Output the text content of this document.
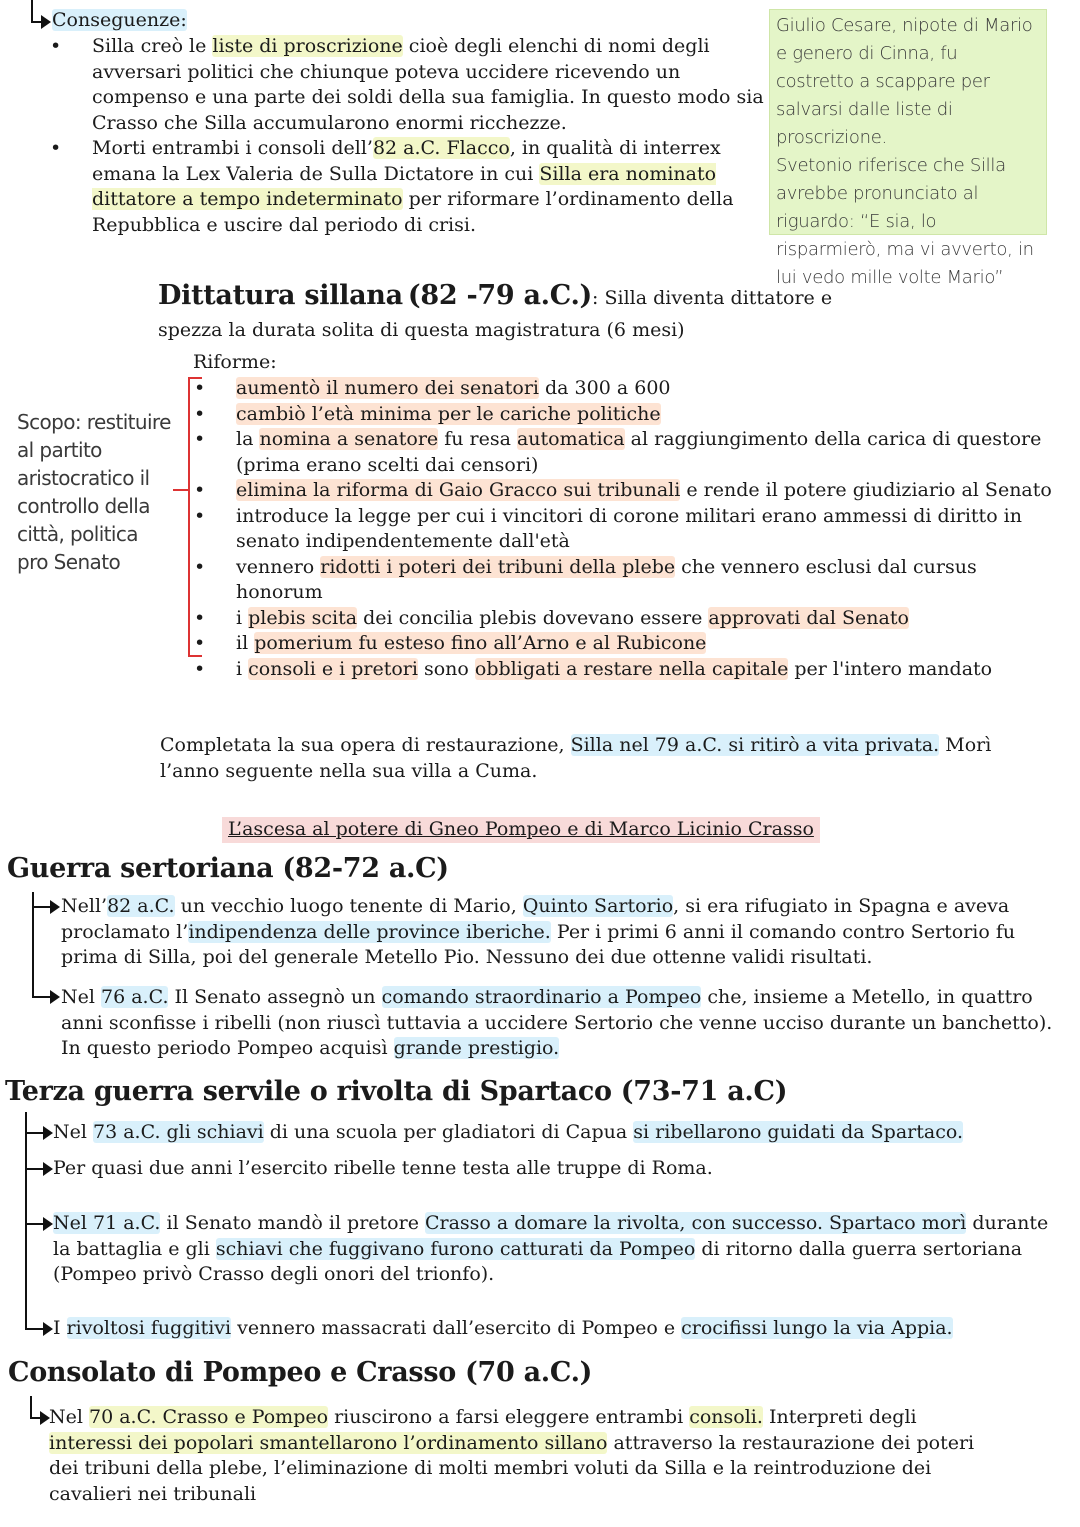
Conseguenze:
• Silla creò le liste di proscrizione cioè degli elenchi di nomi degli avversari politici che chiunque poteva uccidere ricevendo un compenso e una parte dei soldi della sua famiglia. In questo modo sia Crasso che Silla accumularono enormi ricchezze.
• Morti entrambi i consoli dell’82 a.C. Flacco, in qualità di interrex emana la Lex Valeria de Sulla Dictatore in cui Silla era nominato dittatore a tempo indeterminato per riformare l’ordinamento della Repubblica e uscire dal periodo di crisi.
Giulio Cesare, nipote di Mario e genero di Cinna, fu costretto a scappare per salvarsi dalle liste di proscrizione.
Svetonio riferisce che Silla avrebbe pronunciato al riguardo: “E sia, lo risparmierò, ma vi avverto, in lui vedo mille volte Mario”
Dittatura sillana (82 -79 a.C.): Silla diventa dittatore e spezza la durata solita di questa magistratura (6 mesi)
Riforme:
Scopo: restituire al partito aristocratico il controllo della città, politica pro Senato
• aumentò il numero dei senatori da 300 a 600
• cambiò l’età minima per le cariche politiche
• la nomina a senatore fu resa automatica al raggiungimento della carica di questore (prima erano scelti dai censori)
• elimina la riforma di Gaio Gracco sui tribunali e rende il potere giudiziario al Senato
• introduce la legge per cui i vincitori di corone militari erano ammessi di diritto in senato indipendentemente dall'età
• vennero ridotti i poteri dei tribuni della plebe che vennero esclusi dal cursus honorum
• i plebis scita dei concilia plebis dovevano essere approvati dal Senato
• il pomerium fu esteso fino all’Arno e al Rubicone
• i consoli e i pretori sono obbligati a restare nella capitale per l'intero mandato
Completata la sua opera di restaurazione, Silla nel 79 a.C. si ritirò a vita privata. Morì l’anno seguente nella sua villa a Cuma.
L’ascesa al potere di Gneo Pompeo e di Marco Licinio Crasso
Guerra sertoriana (82-72 a.C)
Nell’82 a.C. un vecchio luogo tenente di Mario, Quinto Sartorio, si era rifugiato in Spagna e aveva proclamato l’indipendenza delle province iberiche. Per i primi 6 anni il comando contro Sertorio fu prima di Silla, poi del generale Metello Pio. Nessuno dei due ottenne validi risultati.
Nel 76 a.C. Il Senato assegnò un comando straordinario a Pompeo che, insieme a Metello, in quattro anni sconfisse i ribelli (non riuscì tuttavia a uccidere Sertorio che venne ucciso durante un banchetto). In questo periodo Pompeo acquisì grande prestigio.
Terza guerra servile o rivolta di Spartaco (73-71 a.C)
Nel 73 a.C. gli schiavi di una scuola per gladiatori di Capua si ribellarono guidati da Spartaco.
Per quasi due anni l’esercito ribelle tenne testa alle truppe di Roma.
Nel 71 a.C. il Senato mandò il pretore Crasso a domare la rivolta, con successo. Spartaco morì durante la battaglia e gli schiavi che fuggivano furono catturati da Pompeo di ritorno dalla guerra sertoriana (Pompeo privò Crasso degli onori del trionfo).
I rivoltosi fuggitivi vennero massacrati dall’esercito di Pompeo e crocifissi lungo la via Appia.
Consolato di Pompeo e Crasso (70 a.C.)
Nel 70 a.C. Crasso e Pompeo riuscirono a farsi eleggere entrambi consoli. Interpreti degli interessi dei popolari smantellarono l’ordinamento sillano attraverso la restaurazione dei poteri dei tribuni della plebe, l’eliminazione di molti membri voluti da Silla e la reintroduzione dei cavalieri nei tribunali
